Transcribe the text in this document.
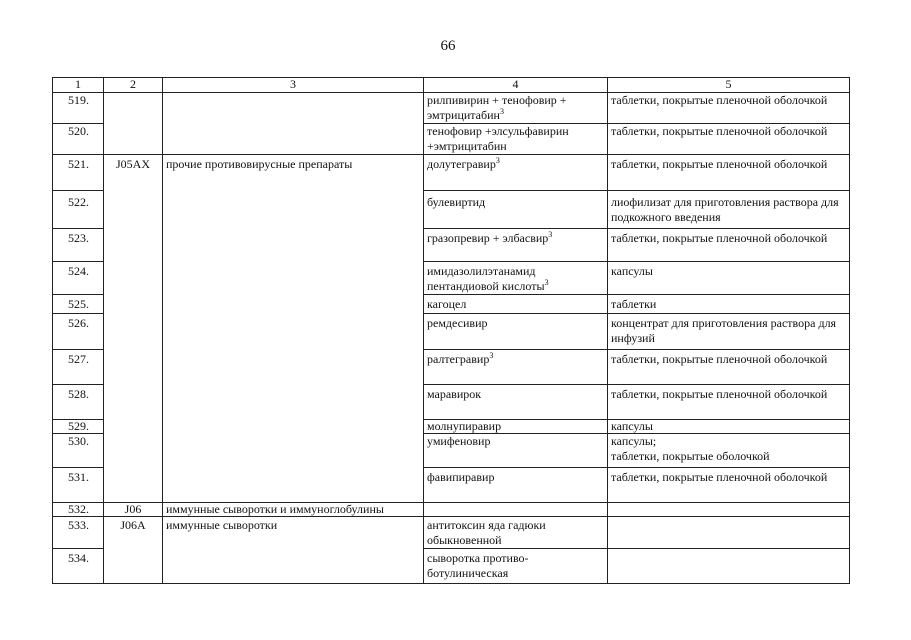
66
1	2	3	4	5
519.			рилпивирин + тенофовир + эмтрицитабин$^3$	таблетки, покрытые пленочной оболочкой
520.			тенофовир +элсульфавирин +эмтрицитабин	таблетки, покрытые пленочной оболочкой
521.	J05AX	прочие противовирусные препараты	долутегравир$^3$	таблетки, покрытые пленочной оболочкой
522.			булевиртид	лиофилизат для приготовления раствора для подкожного введения
523.			гразопревир + элбасвир$^3$	таблетки, покрытые пленочной оболочкой
524.			имидазолилэтанамид пентандиовой кислоты$^3$	капсулы
525.			кагоцел	таблетки
526.			ремдесивир	концентрат для приготовления раствора для инфузий
527.			ралтегравир$^3$	таблетки, покрытые пленочной оболочкой
528.			маравирок	таблетки, покрытые пленочной оболочкой
529.			молнупиравир	капсулы
530.			умифеновир	капсулы;
таблетки, покрытые оболочкой

531.			фавипиравир	таблетки, покрытые пленочной оболочкой
532.	J06	иммунные сыворотки и иммуноглобулины		
533.	J06A	иммунные сыворотки	антитоксин яда гадюки обыкновенной	
534.			сыворотка противо-ботулиническая	
